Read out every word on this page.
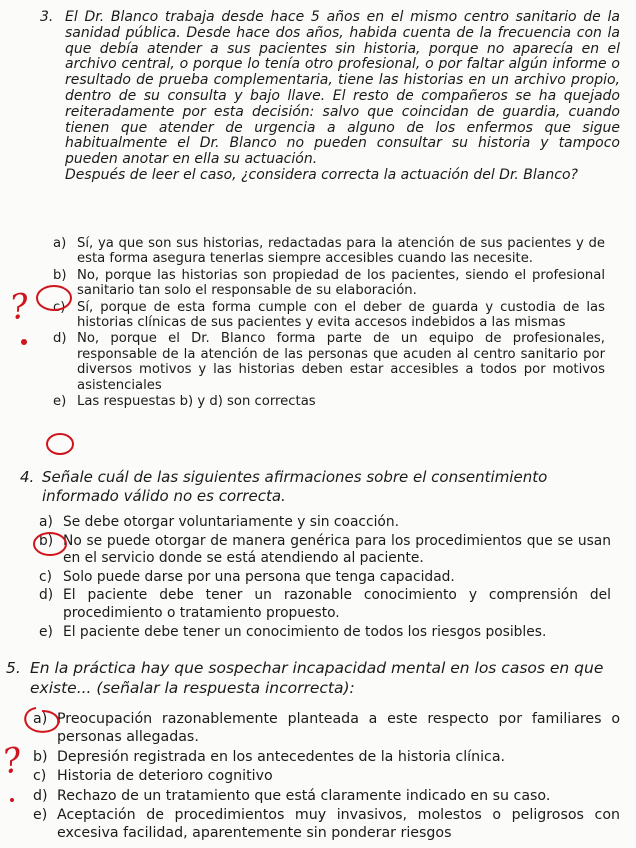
3. El Dr. Blanco trabaja desde hace 5 años en el mismo centro sanitario de la sanidad pública. Desde hace dos años, habida cuenta de la frecuencia con la que debía atender a sus pacientes sin historia, porque no aparecía en el archivo central, o porque lo tenía otro profesional, o por faltar algún informe o resultado de prueba complementaria, tiene las historias en un archivo propio, dentro de su consulta y bajo llave. El resto de compañeros se ha quejado reiteradamente por esta decisión: salvo que coincidan de guardia, cuando tienen que atender de urgencia a alguno de los enfermos que sigue habitualmente el Dr. Blanco no pueden consultar su historia y tampoco pueden anotar en ella su actuación.
Después de leer el caso, ¿considera correcta la actuación del Dr. Blanco?
a) Sí, ya que son sus historias, redactadas para la atención de sus pacientes y de esta forma asegura tenerlas siempre accesibles cuando las necesite.
b) No, porque las historias son propiedad de los pacientes, siendo el profesional sanitario tan solo el responsable de su elaboración.
c) Sí, porque de esta forma cumple con el deber de guarda y custodia de las historias clínicas de sus pacientes y evita accesos indebidos a las mismas
d) No, porque el Dr. Blanco forma parte de un equipo de profesionales, responsable de la atención de las personas que acuden al centro sanitario por diversos motivos y las historias deben estar accesibles a todos por motivos asistenciales
e) Las respuestas b) y d) son correctas
4. Señale cuál de las siguientes afirmaciones sobre el consentimiento informado válido no es correcta.
a) Se debe otorgar voluntariamente y sin coacción.
b) No se puede otorgar de manera genérica para los procedimientos que se usan en el servicio donde se está atendiendo al paciente.
c) Solo puede darse por una persona que tenga capacidad.
d) El paciente debe tener un razonable conocimiento y comprensión del procedimiento o tratamiento propuesto.
e) El paciente debe tener un conocimiento de todos los riesgos posibles.
5. En la práctica hay que sospechar incapacidad mental en los casos en que existe... (señalar la respuesta incorrecta):
a) Preocupación razonablemente planteada a este respecto por familiares o personas allegadas.
b) Depresión registrada en los antecedentes de la historia clínica.
c) Historia de deterioro cognitivo
d) Rechazo de un tratamiento que está claramente indicado en su caso.
e) Aceptación de procedimientos muy invasivos, molestos o peligrosos con excesiva facilidad, aparentemente sin ponderar riesgos
?
?
